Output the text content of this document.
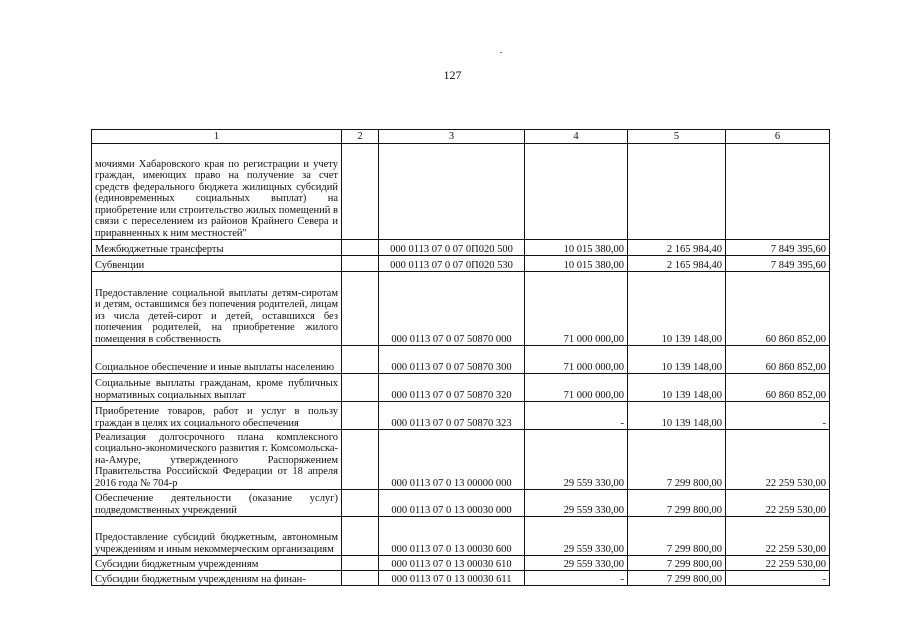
127
1	2	3	4	5	6
мочиями Хабаровского края по регистрации и учету граждан, имеющих право на получение за счет средств федерального бюджета жилищных субсидий (единовременных социальных выплат) на приобретение или строительство жилых помещений в связи с переселением из районов Крайнего Севера и приравненных к ним местностей"					
Межбюджетные трансферты		000 0113 07 0 07 0П020 500	10 015 380,00	2 165 984,40	7 849 395,60
Субвенции		000 0113 07 0 07 0П020 530	10 015 380,00	2 165 984,40	7 849 395,60
Предоставление социальной выплаты детям-сиротам и детям, оставшимся без попечения родителей, лицам из числа детей-сирот и детей, оставшихся без попечения родителей, на приобретение жилого помещения в собственность		000 0113 07 0 07 50870 000	71 000 000,00	10 139 148,00	60 860 852,00
Социальное обеспечение и иные выплаты населению		000 0113 07 0 07 50870 300	71 000 000,00	10 139 148,00	60 860 852,00
Социальные выплаты гражданам, кроме публичных нормативных социальных выплат		000 0113 07 0 07 50870 320	71 000 000,00	10 139 148,00	60 860 852,00
Приобретение товаров, работ и услуг в пользу граждан в целях их социального обеспечения		000 0113 07 0 07 50870 323	-	10 139 148,00	-
Реализация долгосрочного плана комплексного социально-экономического развития г. Комсомольска-на-Амуре, утвержденного Распоряжением Правительства Российской Федерации от 18 апреля 2016 года № 704-р		000 0113 07 0 13 00000 000	29 559 330,00	7 299 800,00	22 259 530,00
Обеспечение деятельности (оказание услуг) подведомственных учреждений		000 0113 07 0 13 00030 000	29 559 330,00	7 299 800,00	22 259 530,00
Предоставление субсидий бюджетным, автономным учреждениям и иным некоммерческим организациям		000 0113 07 0 13 00030 600	29 559 330,00	7 299 800,00	22 259 530,00
Субсидии бюджетным учреждениям		000 0113 07 0 13 00030 610	29 559 330,00	7 299 800,00	22 259 530,00
Субсидии бюджетным учреждениям на финан-		000 0113 07 0 13 00030 611	-	7 299 800,00	-
